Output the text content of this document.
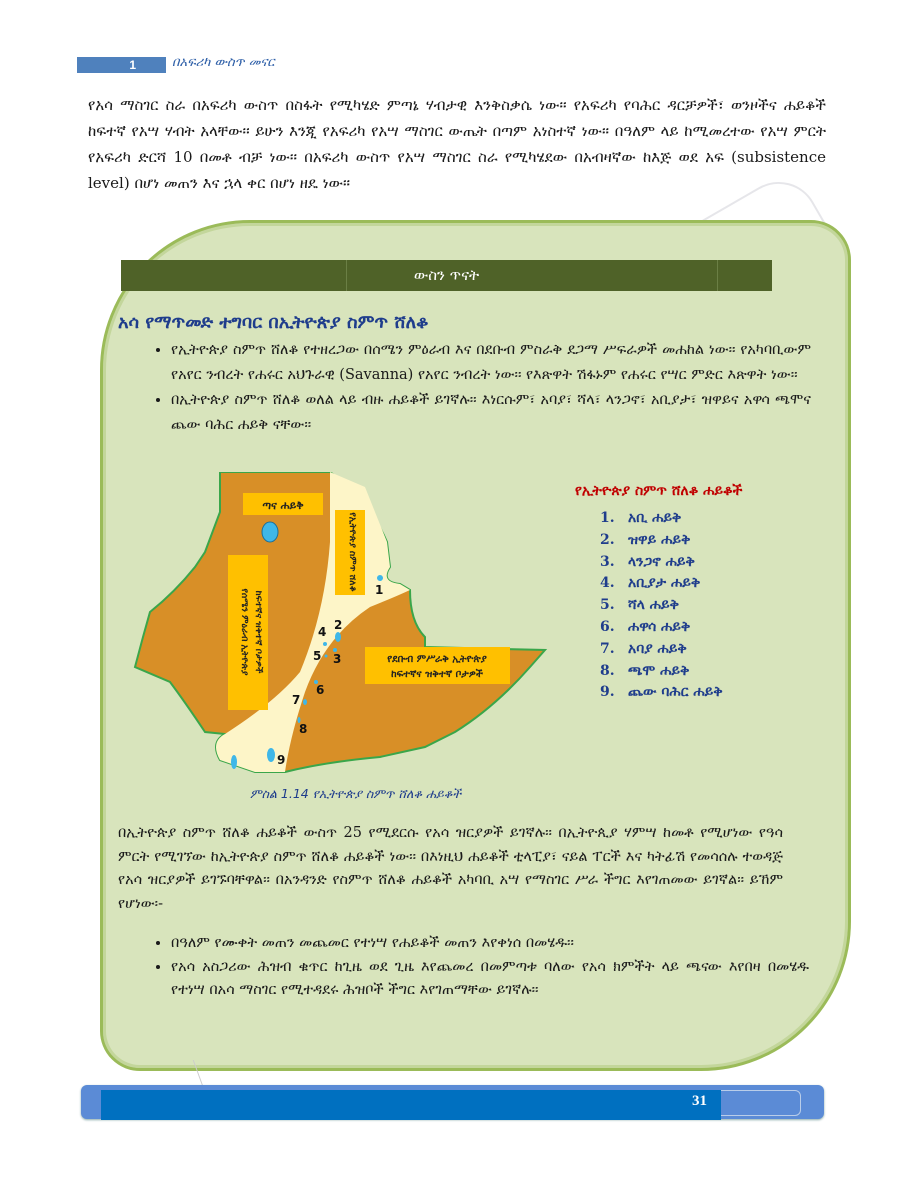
1	በአፍሪካ ውስጥ መናር

የአሳ ማስገር ስራ በአፍሪካ ውስጥ በስፋት የሚካሄድ ምጣኔ ሃብታዊ እንቅስቃሴ ነው፡፡ የአፍሪካ የባሕር ዳርቻዎች፣ ወንዞችና ሐይቆች ከፍተኛ የአሣ ሃብት አላቸው፡፡ ይሁን እንጂ የአፍሪካ የአሣ ማስገር ውጤት በጣም አነስተኛ ነው፡፡ በዓለም ላይ ከሚመረተው የአሣ ምርት የአፍሪካ ድርሻ 10 በመቶ ብቻ ነው፡፡ በአፍሪካ ውስጥ የአሣ ማስገር ስራ የሚካሄደው በአብዛኛው ከእጅ ወደ አፍ (subsistence level) በሆነ መጠን እና ኋላ ቀር በሆነ ዘዴ ነው፡፡

ውስን ጥናት
አሳ የማጥመድ ተግባር በኢትዮጵያ ስምጥ ሸለቆ
• የኢትዮጵያ ስምጥ ሸለቆ የተዘረጋው በሰሜን ምዕራብ እና በደቡብ ምስራቅ ደጋማ ሥፍራዎች መሐከል ነው፡፡ የአካባቢውም የአየር ንብረት የሐሩር አህጉራዊ (Savanna) የአየር ንብረት ነው፡፡ የእጽዋት ሽፋኑም የሐሩር የሣር ምድር እጽዋት ነው፡፡
• በኢትዮጵያ ስምጥ ሸለቆ ወለል ላይ ብዙ ሐይቆች ይገኛሉ፡፡ እነርሱም፣ አባያ፣ ሻላ፣ ላንጋኖ፣ አቢያታ፣ ዝዋይና አዋሳ ጫሞና ጨው ባሕር ሐይቅ ናቸው፡፡
ጣና ሐይቅ
የኢትዮጵያ ስምጥ ሸለቆ
የሰሜን ምዕራብ ኢትዮጵያ ከፍተኛና ዝቅተኛ ቦታዎች	የደቡብ ምሥራቅ ኢትዮጵያ
ከፍተኛና ዝቅተኛ ቦታዎች
1
2
3
4
5
6
7
8
9
ምስል 1.14 የኢትዮጵያ ስምጥ ሸለቆ ሐይቆች
የኢትዮጵያ ስምጥ ሸለቆ ሐይቆች
1. አቢ ሐይቅ
2. ዝዋይ ሐይቅ
3. ላንጋኖ ሐይቅ
4. አቢያታ ሐይቅ
5. ሻላ ሐይቅ
6. ሐዋሳ ሐይቅ
7. አባያ ሐይቅ
8. ጫሞ ሐይቅ
9. ጨው ባሕር ሐይቅ

በኢትዮጵያ ስምጥ ሸለቆ ሐይቆች ውስጥ 25 የሚደርሱ የአሳ ዝርያዎች ይገኛሉ፡፡ በኢትዮጲያ ሃምሣ ከመቶ የሚሆነው የዓሳ ምርት የሚገኘው ከኢትዮጵያ ስምጥ ሸለቆ ሐይቆች ነው፡፡ በእነዚህ ሐይቆች ቲላፒያ፣ ናይል ፐርች እና ካትፊሽ የመሳሰሉ ተወዳጅ የአሳ ዝርያዎች ይገኙባቸዋል፡፡ በአንዳንድ የስምጥ ሸለቆ ሐይቆች አካባቢ አሣ የማስገር ሥራ ችግር እየገጠመው ይገኛል፡፡ ይኸም የሆነው፡-

• በዓለም የሙቀት መጠን መጨመር የተነሣ የሐይቆች መጠን እየቀነሰ በመሄዱ፡፡
• የአሳ አስጋሪው ሕዝብ ቁጥር ከጊዜ ወደ ጊዜ እየጨመረ በመምጣቱ ባለው የአሳ ክምችት ላይ ጫናው እየበዛ በመሄዱ የተነሣ በአሳ ማስገር የሚተዳደሩ ሕዝቦች ችግር እየገጠማቸው ይገኛሉ፡፡
31
